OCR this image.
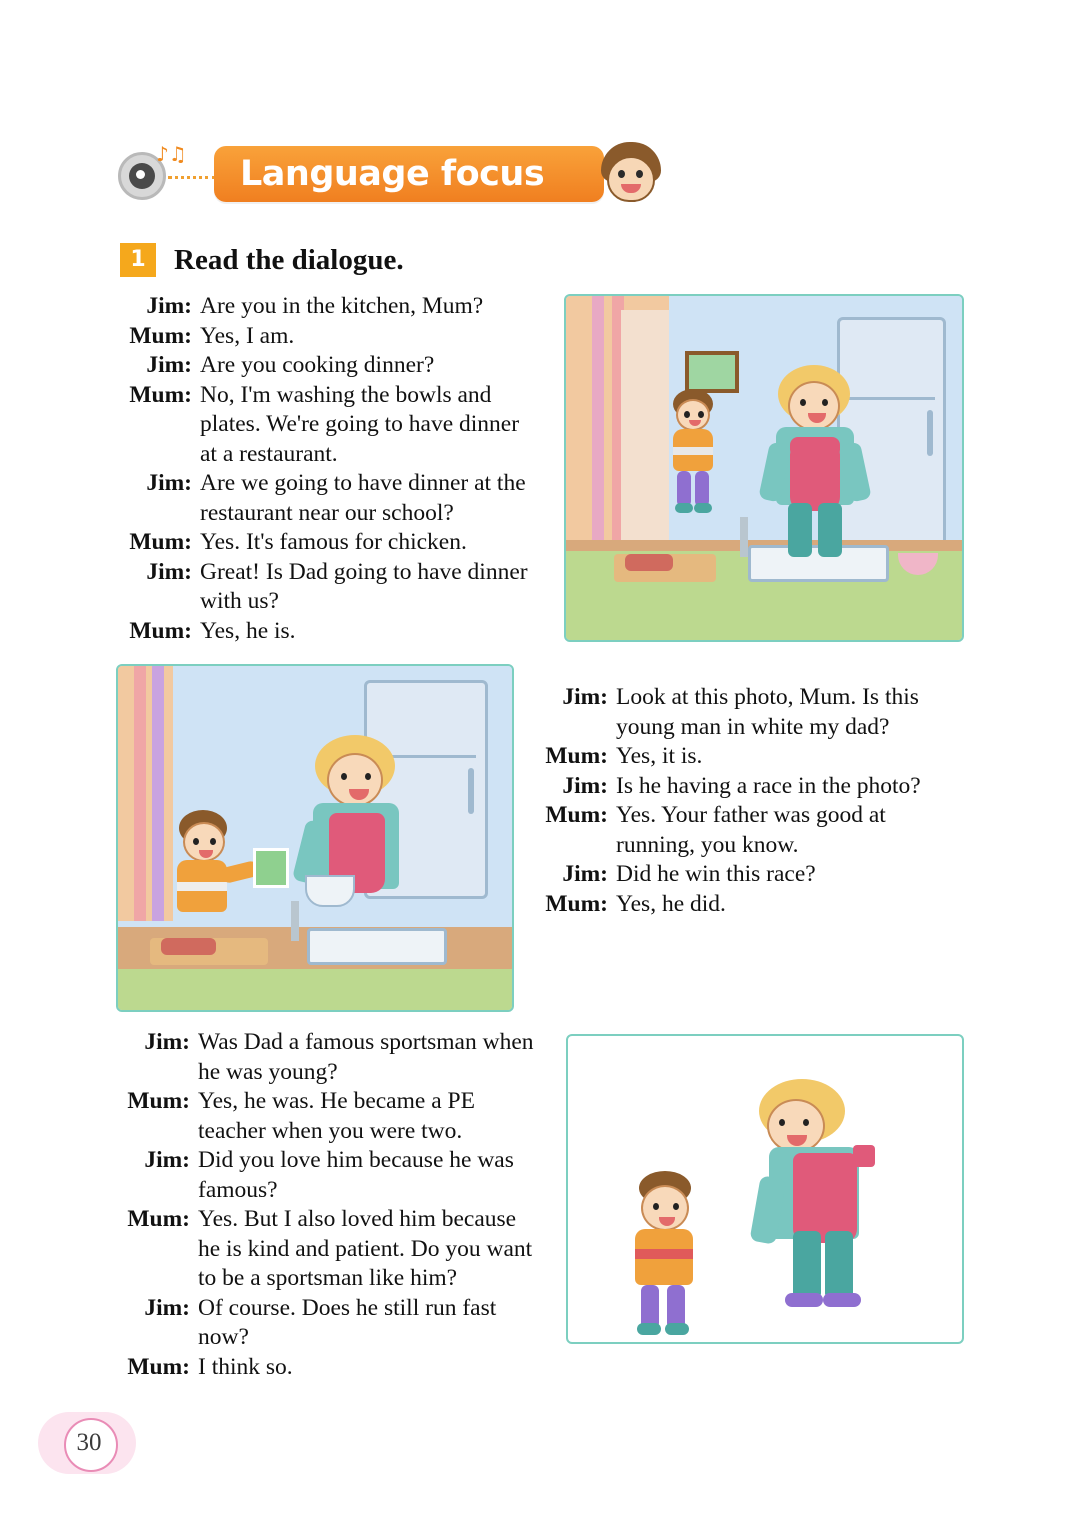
♪♫	Language focus
1 Read the dialogue.
Jim: Are you in the kitchen, Mum?
Mum: Yes, I am.
Jim: Are you cooking dinner?
Mum: No, I'm washing the bowls and plates. We're going to have dinner at a restaurant.
Jim: Are we going to have dinner at the restaurant near our school?
Mum: Yes. It's famous for chicken.
Jim: Great! Is Dad going to have dinner with us?
Mum: Yes, he is.
Jim: Look at this photo, Mum. Is this young man in white my dad?
Mum: Yes, it is.
Jim: Is he having a race in the photo?
Mum: Yes. Your father was good at running, you know.
Jim: Did he win this race?
Mum: Yes, he did.
Jim: Was Dad a famous sportsman when he was young?
Mum: Yes, he was. He became a PE teacher when you were two.
Jim: Did you love him because he was famous?
Mum: Yes. But I also loved him because he is kind and patient. Do you want to be a sportsman like him?
Jim: Of course. Does he still run fast now?
Mum: I think so.
30
